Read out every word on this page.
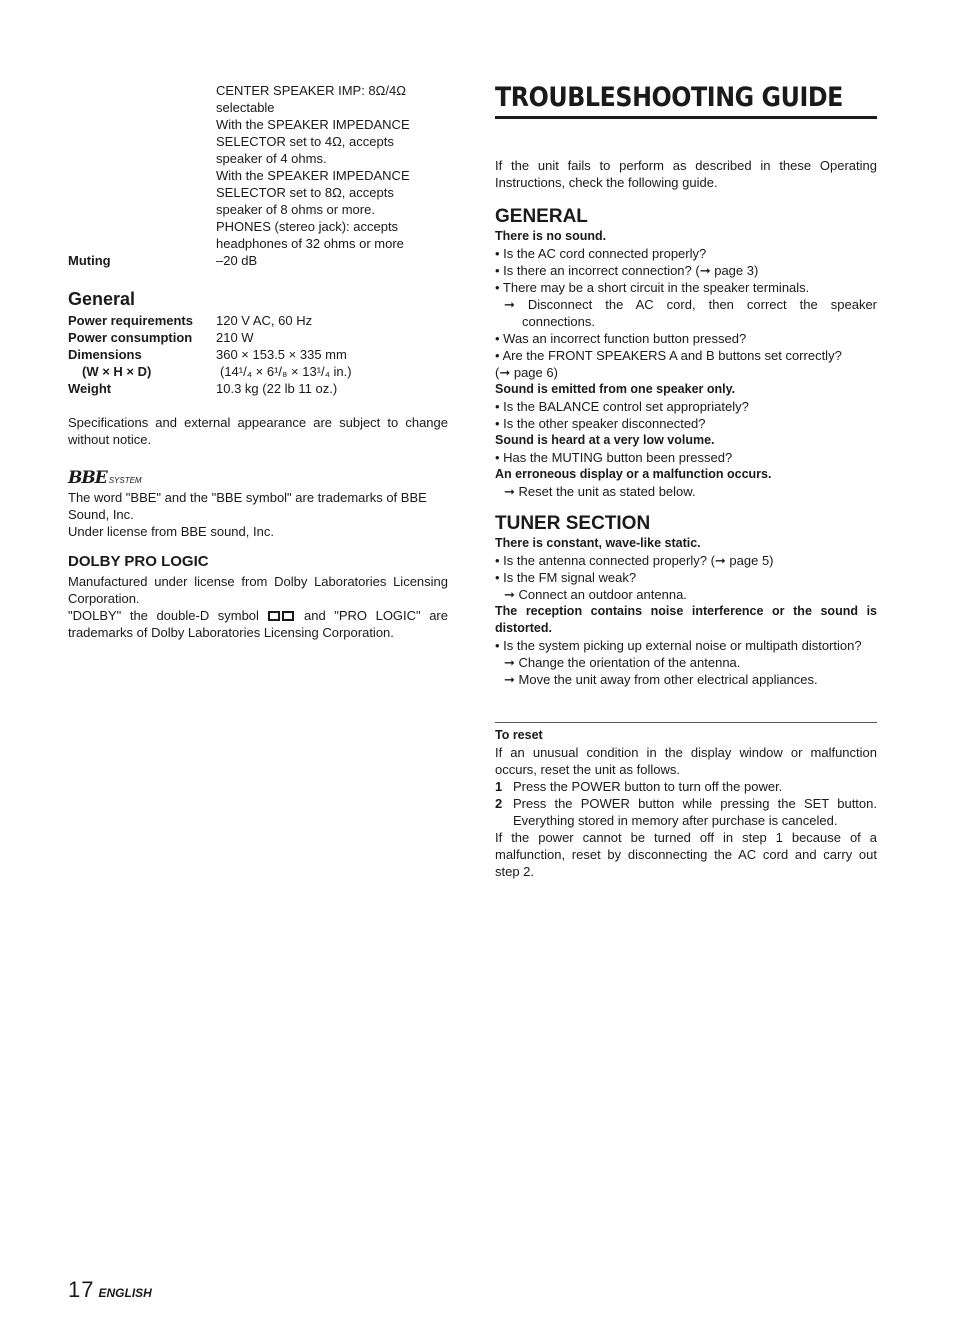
CENTER SPEAKER IMP: 8Ω/4Ω
selectable
With the SPEAKER IMPEDANCE
SELECTOR set to 4Ω, accepts
speaker of 4 ohms.
With the SPEAKER IMPEDANCE
SELECTOR set to 8Ω, accepts
speaker of 8 ohms or more.
PHONES (stereo jack): accepts
headphones of 32 ohms or more
Muting	–20 dB
General
Power requirements	120 V AC, 60 Hz
Power consumption	210 W
Dimensions	360 × 153.5 × 335 mm
(W × H × D)	(14¹/₄ × 6¹/₈ × 13¹/₄ in.)
Weight	10.3 kg (22 lb 11 oz.)

Specifications and external appearance are subject to change without notice.

BBE SYSTEM

The word "BBE" and the "BBE symbol" are trademarks of BBE Sound, Inc.
Under license from BBE sound, Inc.

DOLBY PRO LOGIC

Manufactured under license from Dolby Laboratories Licensing Corporation.
"DOLBY" the double-D symbol	and "PRO LOGIC" are trademarks of Dolby Laboratories Licensing Corporation.

TROUBLESHOOTING GUIDE

If the unit fails to perform as described in these Operating Instructions, check the following guide.

GENERAL
There is no sound.
• Is the AC cord connected properly?
• Is there an incorrect connection? (➞ page 3)
• There may be a short circuit in the speaker terminals.
➞ Disconnect the AC cord, then correct the speaker
connections.
• Was an incorrect function button pressed?
• Are the FRONT SPEAKERS A and B buttons set correctly?
(➞ page 6)
Sound is emitted from one speaker only.
• Is the BALANCE control set appropriately?
• Is the other speaker disconnected?
Sound is heard at a very low volume.
• Has the MUTING button been pressed?
An erroneous display or a malfunction occurs.
➞ Reset the unit as stated below.
TUNER SECTION
There is constant, wave-like static.
• Is the antenna connected properly? (➞ page 5)
• Is the FM signal weak?
➞ Connect an outdoor antenna.
The reception contains noise interference or the sound is distorted.
• Is the system picking up external noise or multipath distortion?
➞ Change the orientation of the antenna.
➞ Move the unit away from other electrical appliances.
To reset

If an unusual condition in the display window or malfunction occurs, reset the unit as follows.

1 Press the POWER button to turn off the power.
2 Press the POWER button while pressing the SET button. Everything stored in memory after purchase is canceled.

If the power cannot be turned off in step 1 because of a malfunction, reset by disconnecting the AC cord and carry out step 2.

17 ENGLISH
